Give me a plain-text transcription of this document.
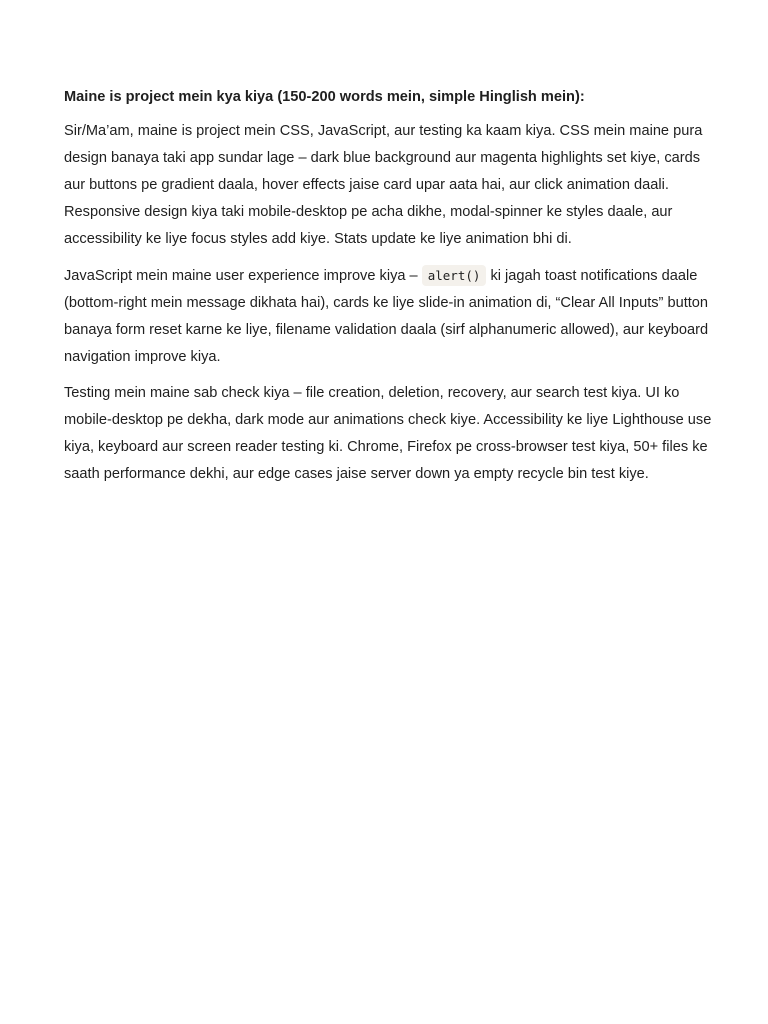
Maine is project mein kya kiya (150-200 words mein, simple Hinglish mein):

Sir/Ma’am, maine is project mein CSS, JavaScript, aur testing ka kaam kiya. CSS mein maine pura design banaya taki app sundar lage – dark blue background aur magenta highlights set kiye, cards aur buttons pe gradient daala, hover effects jaise card upar aata hai, aur click animation daali. Responsive design kiya taki mobile-desktop pe acha dikhe, modal-spinner ke styles daale, aur accessibility ke liye focus styles add kiye. Stats update ke liye animation bhi di.

JavaScript mein maine user experience improve kiya – alert() ki jagah toast notifications daale (bottom-right mein message dikhata hai), cards ke liye slide-in animation di, “Clear All Inputs” button banaya form reset karne ke liye, filename validation daala (sirf alphanumeric allowed), aur keyboard navigation improve kiya.

Testing mein maine sab check kiya – file creation, deletion, recovery, aur search test kiya. UI ko mobile-desktop pe dekha, dark mode aur animations check kiye. Accessibility ke liye Lighthouse use kiya, keyboard aur screen reader testing ki. Chrome, Firefox pe cross-browser test kiya, 50+ files ke saath performance dekhi, aur edge cases jaise server down ya empty recycle bin test kiye.
